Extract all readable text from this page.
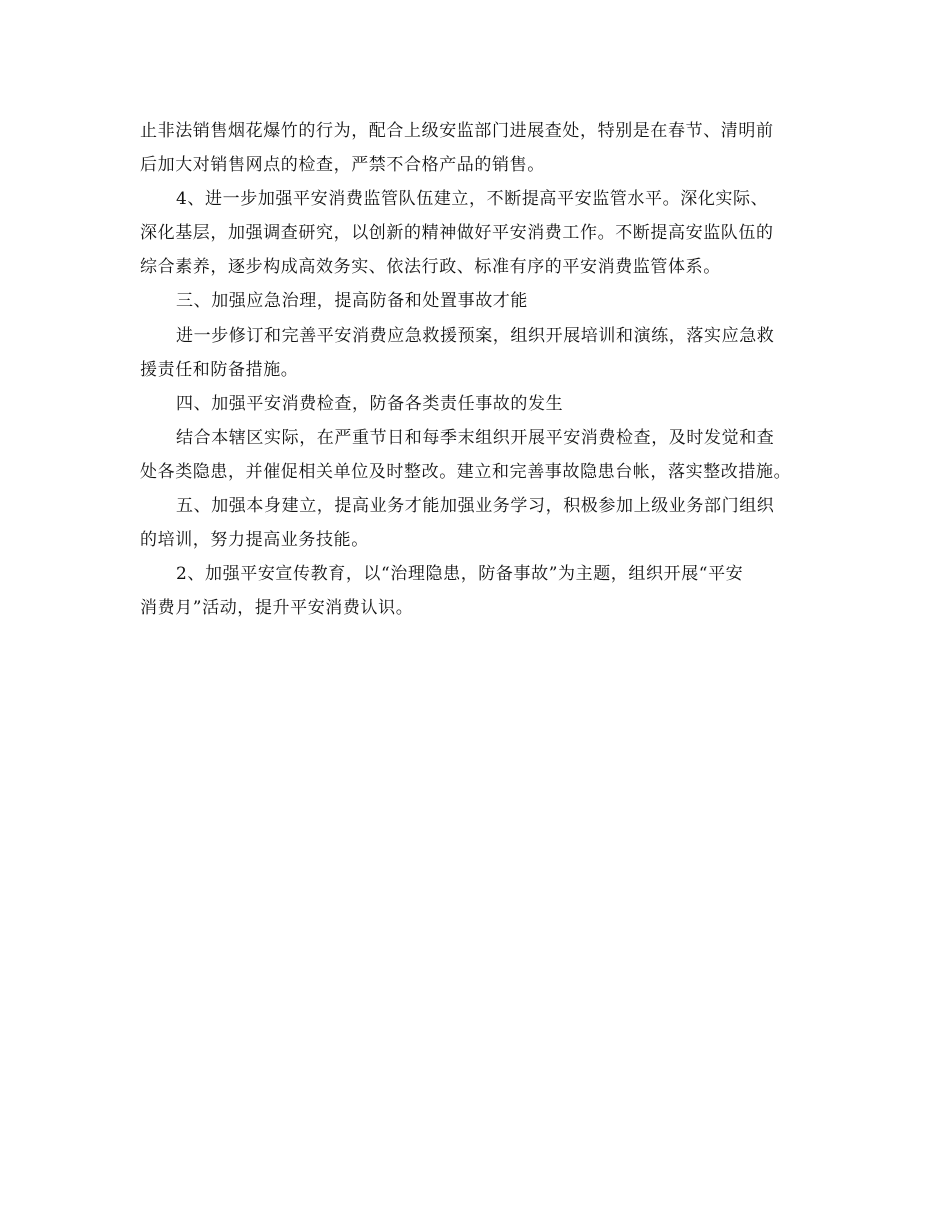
止非法销售烟花爆竹的行为，配合上级安监部门进展查处，特别是在春节、清明前
后加大对销售网点的检查，严禁不合格产品的销售。

4、进一步加强平安消费监管队伍建立，不断提高平安监管水平。深化实际、
深化基层，加强调查研究，以创新的精神做好平安消费工作。不断提高安监队伍的
综合素养，逐步构成高效务实、依法行政、标准有序的平安消费监管体系。

三、加强应急治理，提高防备和处置事故才能

进一步修订和完善平安消费应急救援预案，组织开展培训和演练，落实应急救
援责任和防备措施。

四、加强平安消费检查，防备各类责任事故的发生

结合本辖区实际，在严重节日和每季末组织开展平安消费检查，及时发觉和查
处各类隐患，并催促相关单位及时整改。建立和完善事故隐患台帐，落实整改措施。

五、加强本身建立，提高业务才能加强业务学习，积极参加上级业务部门组织
的培训，努力提高业务技能。

2、加强平安宣传教育，以“治理隐患，防备事故”为主题，组织开展“平安
消费月”活动，提升平安消费认识。
